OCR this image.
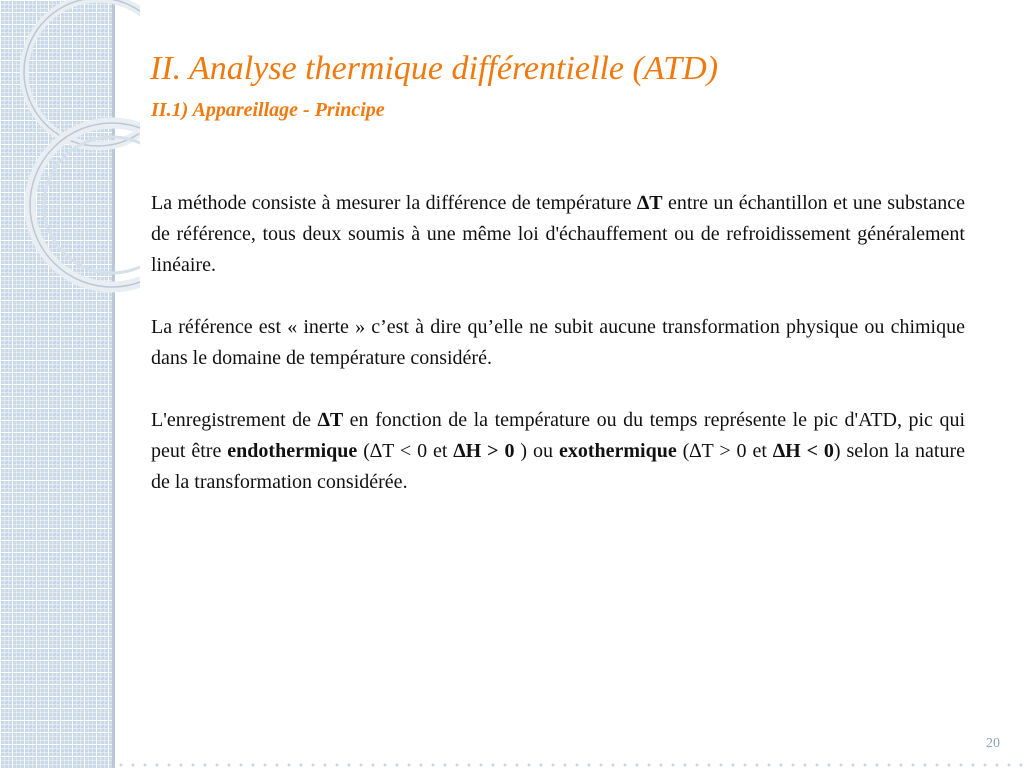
II. Analyse thermique différentielle (ATD)
II.1) Appareillage - Principe

La méthode consiste à mesurer la différence de température ∆T entre un échantillon et une substance de référence, tous deux soumis à une même loi d'échauffement ou de refroidissement généralement linéaire.

La référence est « inerte » c’est à dire qu’elle ne subit aucune transformation physique ou chimique dans le domaine de température considéré.

L'enregistrement de ∆T en fonction de la température ou du temps représente le pic d'ATD, pic qui peut être endothermique (∆T < 0 et ∆H > 0 ) ou exothermique (∆T > 0 et ∆H < 0) selon la nature de la transformation considérée.

20
